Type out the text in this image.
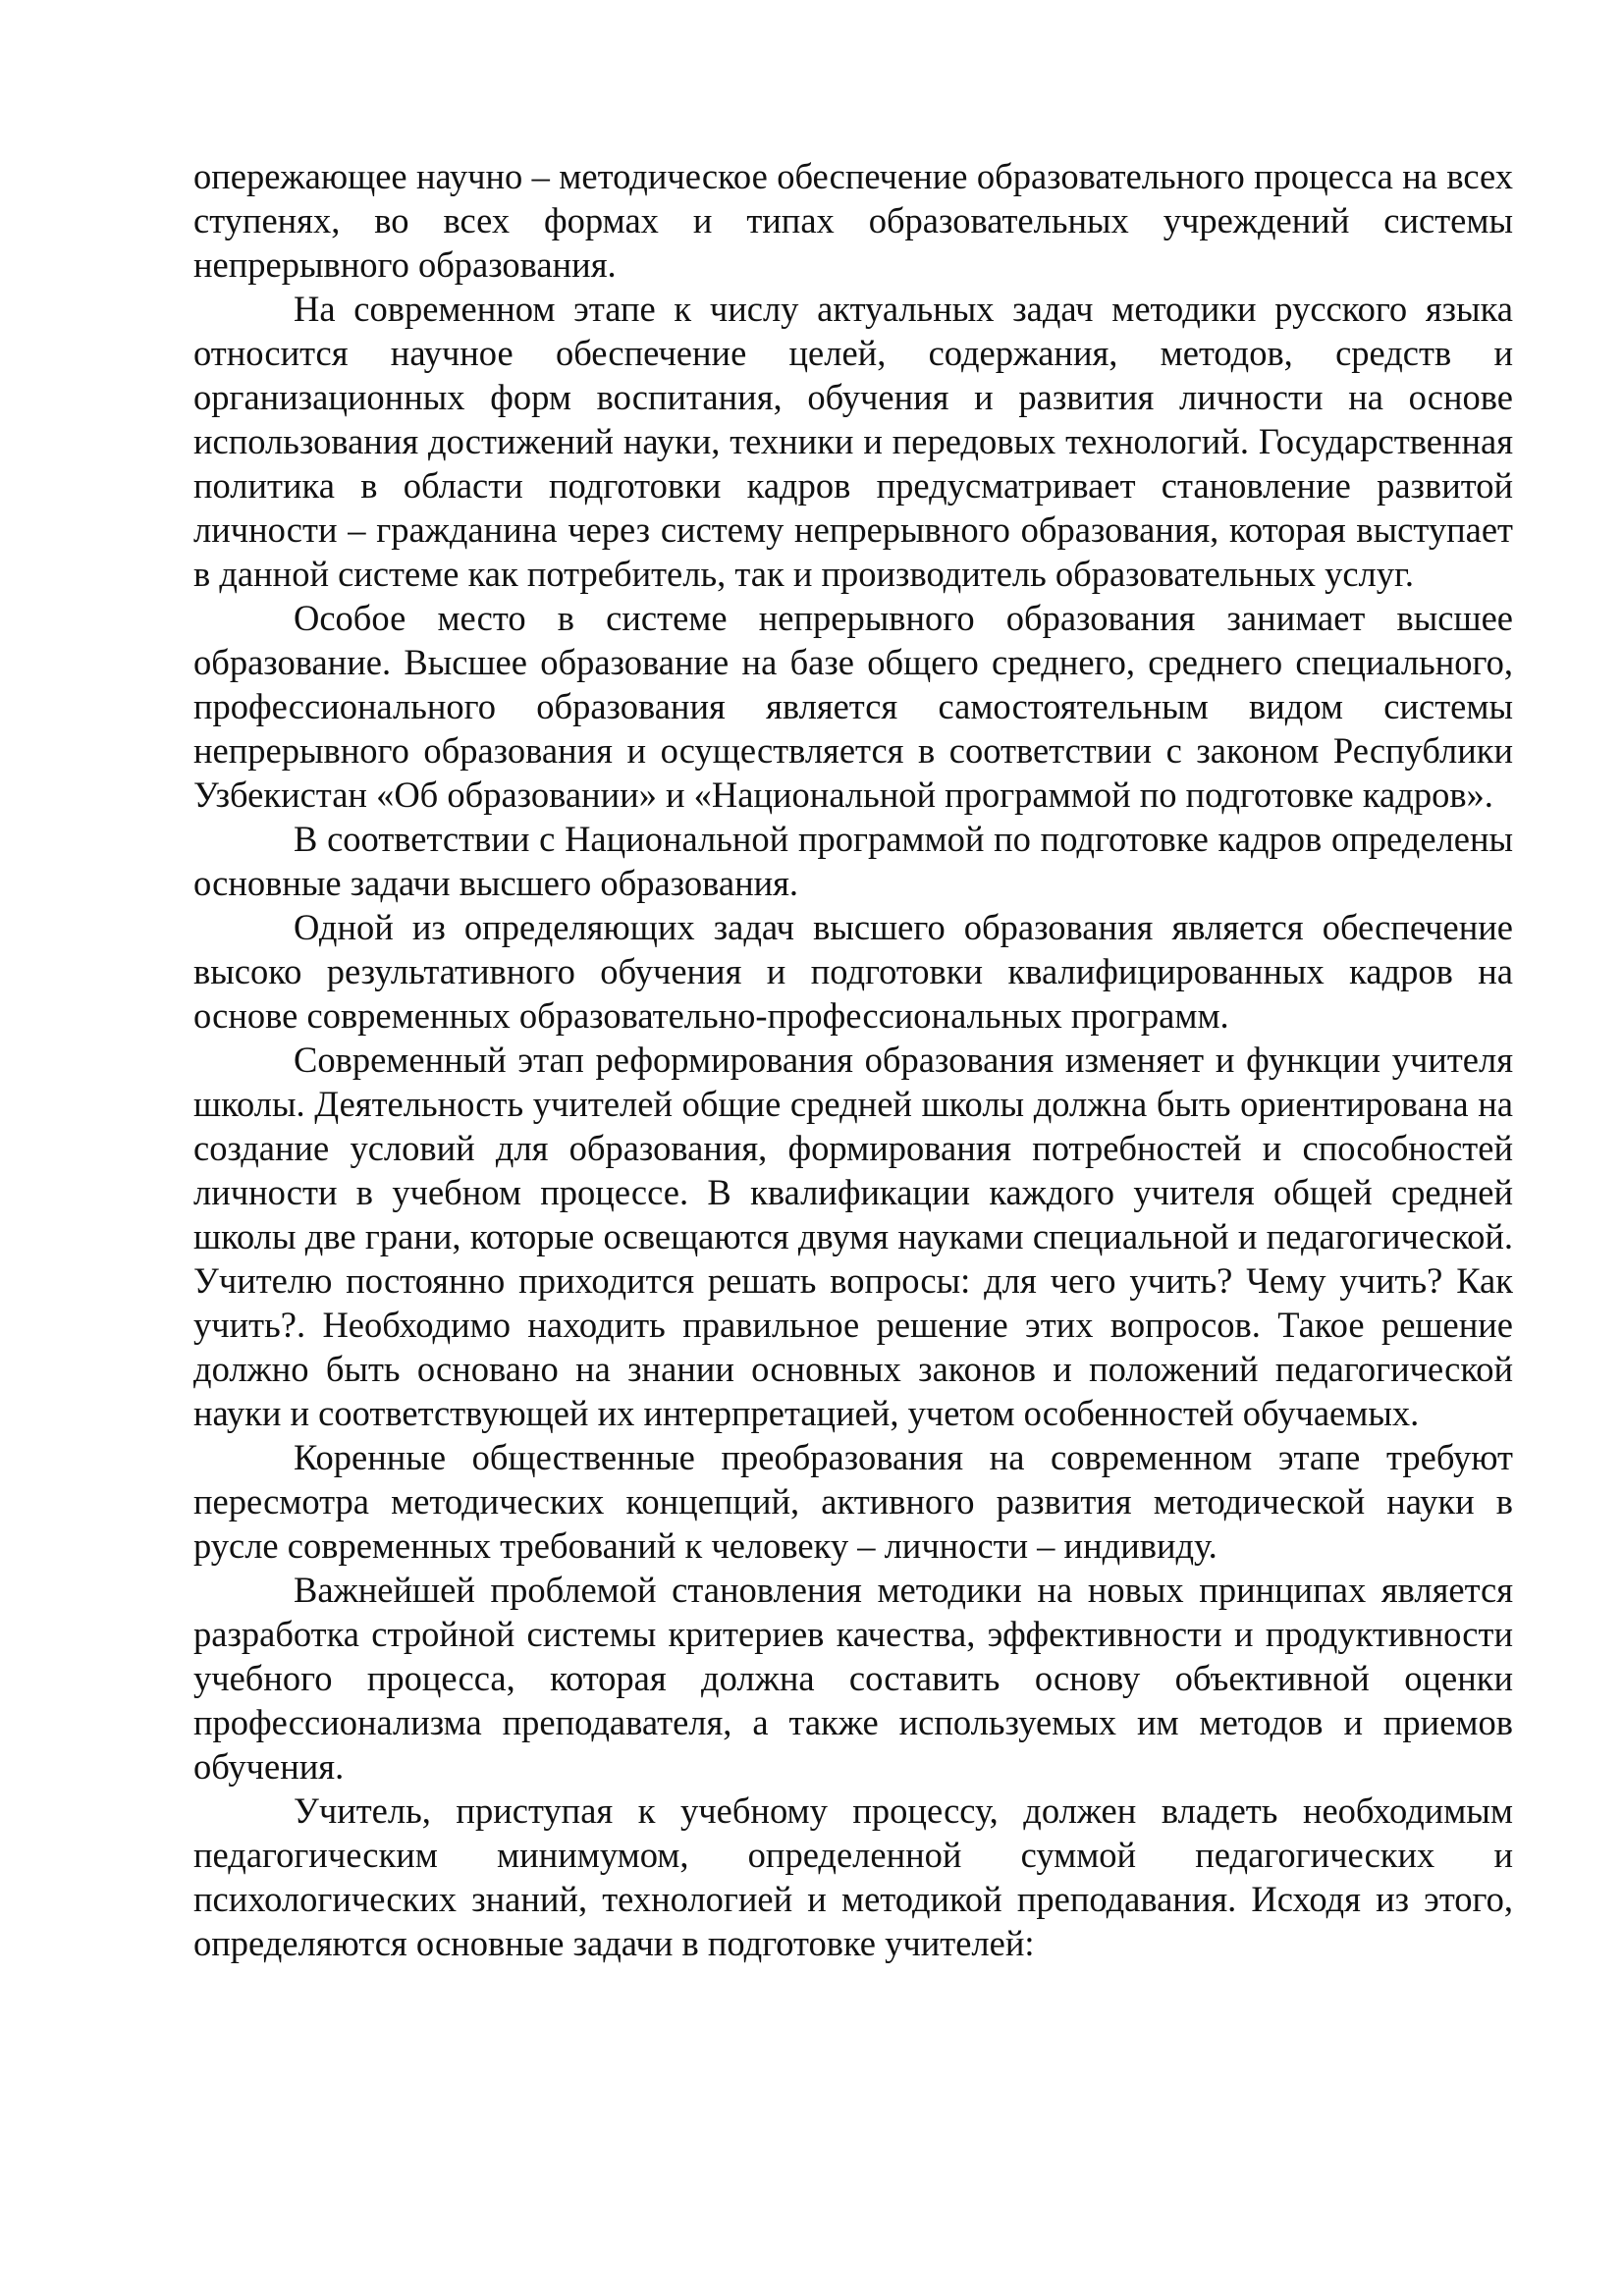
опережающее научно – методическое обеспечение образовательного процесса на всех ступенях, во всех формах и типах образовательных учреждений системы непрерывного образования.

На современном этапе к числу актуальных задач методики русского языка относится научное обеспечение целей, содержания, методов, средств и организационных форм воспитания, обучения и развития личности на основе использования достижений науки, техники и передовых технологий. Государственная политика в области подготовки кадров предусматривает становление развитой личности – гражданина через систему непрерывного образования, которая выступает в данной системе как потребитель, так и производитель образовательных услуг.

Особое место в системе непрерывного образования занимает высшее образование. Высшее образование на базе общего среднего, среднего специального, профессионального образования является самостоятельным видом системы непрерывного образования и осуществляется в соответствии с законом Республики Узбекистан «Об образовании» и «Национальной программой по подготовке кадров».

В соответствии с Национальной программой по подготовке кадров определены основные задачи высшего образования.

Одной из определяющих задач высшего образования является обеспечение высоко результативного обучения и подготовки квалифицированных кадров на основе современных образовательно-профессиональных программ.

Современный этап реформирования образования изменяет и функции учителя школы. Деятельность учителей общие средней школы должна быть ориентирована на создание условий для образования, формирования потребностей и способностей личности в учебном процессе. В квалификации каждого учителя общей средней школы две грани, которые освещаются двумя науками специальной и педагогической. Учителю постоянно приходится решать вопросы: для чего учить? Чему учить? Как учить?. Необходимо находить правильное решение этих вопросов. Такое решение должно быть основано на знании основных законов и положений педагогической науки и соответствующей их интерпретацией, учетом особенностей обучаемых.

Коренные общественные преобразования на современном этапе требуют пересмотра методических концепций, активного развития методической науки в русле современных требований к человеку – личности – индивиду.

Важнейшей проблемой становления методики на новых принципах является разработка стройной системы критериев качества, эффективности и продуктивности учебного процесса, которая должна составить основу объективной оценки профессионализма преподавателя, а также используемых им методов и приемов обучения.

Учитель, приступая к учебному процессу, должен владеть необходимым педагогическим минимумом, определенной суммой педагогических и психологических знаний, технологией и методикой преподавания. Исходя из этого, определяются основные задачи в подготовке учителей:
